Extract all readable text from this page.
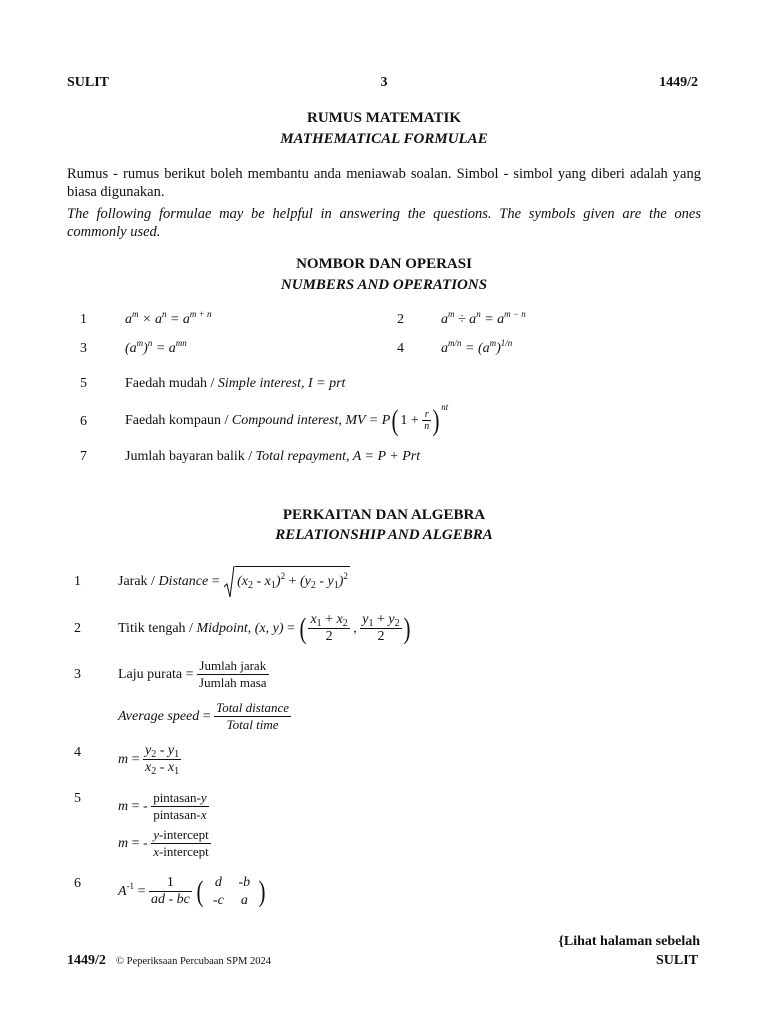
SULIT	3	1449/2
RUMUS MATEMATIK
MATHEMATICAL FORMULAE
Rumus - rumus berikut boleh membantu anda meniawab soalan. Simbol - simbol yang diberi adalah yang biasa digunakan.
The following formulae may be helpful in answering the questions. The symbols given are the ones commonly used.
NOMBOR DAN OPERASI
NUMBERS AND OPERATIONS
1	$a^m \times a^n = a^{m + n}$	2	$a^m \div a^n = a^{m - n}$
3	$(a^m)^n = a^{mn}$	4	$a^{m/n} = (a^m)^{1/n}$
5	Faedah mudah / Simple interest, I = prt
6	Faedah kompaun / Compound interest, MV = P( $1 + \frac{r}{n}$ ) $^{nt}$
7	Jumlah bayaran balik / Total repayment, A = P + Prt
PERKAITAN DAN ALGEBRA
RELATIONSHIP AND ALGEBRA
1	Jarak / Distance = $(x_2 - x_1)^2 + (y_2 - y_1)^2$
2	Titik tengah / Midpoint, (x, y) = ( $\frac{x_1 + x_2}{2}$ , $\frac{y_1 + y_2}{2}$ )
3	Laju purata = $\frac{\text{Jumlah jarak}}{\text{Jumlah masa}}$
Average speed = $\frac{\text{Total distance}}{\text{Total time}}$
4	$m = \frac{y_2 - y_1}{x_2 - x_1}$
5
m = - $\frac{\text{pintasan-y}}{\text{pintasan-x}}$
m = - $\frac{\text{y-intercept}}{\text{x-intercept}}$
6
$A^{-1} = \frac{1}{ad - bc}$ ( d -b
-c a )
{Lihat halaman sebelah
1449/2 © Peperiksaan Percubaan SPM 2024	SULIT
